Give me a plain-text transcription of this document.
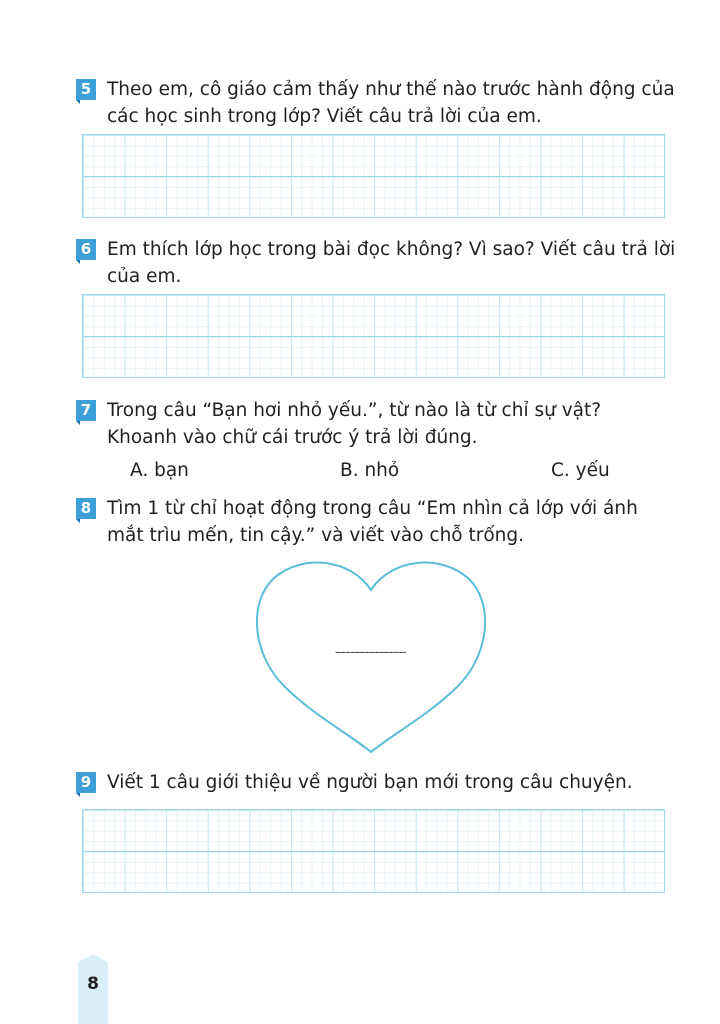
5 Theo em, cô giáo cảm thấy như thế nào trước hành động của các học sinh trong lớp? Viết câu trả lời của em.
6 Em thích lớp học trong bài đọc không? Vì sao? Viết câu trả lời của em.
7 Trong câu “Bạn hơi nhỏ yếu.”, từ nào là từ chỉ sự vật? Khoanh vào chữ cái trước ý trả lời đúng.
A. bạn	B. nhỏ	C. yếu
8 Tìm 1 từ chỉ hoạt động trong câu “Em nhìn cả lớp với ánh mắt trìu mến, tin cậy.” và viết vào chỗ trống.
........................................................
9 Viết 1 câu giới thiệu về người bạn mới trong câu chuyện.
8
